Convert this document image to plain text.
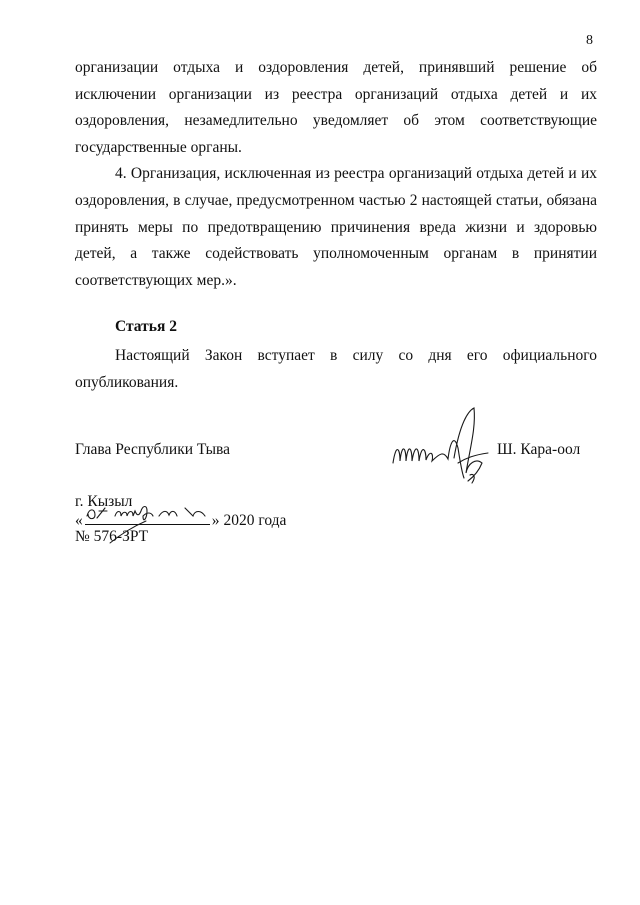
8

организации отдыха и оздоровления детей, принявший решение об исключении организации из реестра организаций отдыха детей и их оздоровления, незамедлительно уведомляет об этом соответствующие государственные органы.

4. Организация, исключенная из реестра организаций отдыха детей и их оздоровления, в случае, предусмотренном частью 2 настоящей статьи, обязана принять меры по предотвращению причинения вреда жизни и здоровью детей, а также содействовать уполномоченным органам в принятии соответствующих мер.».

Статья 2

Настоящий Закон вступает в силу со дня его официального опубликования.

Глава Республики Тыва	Ш. Кара-оол
г. Кызыл
«	» 2020 года
№ 576-ЗРТ
